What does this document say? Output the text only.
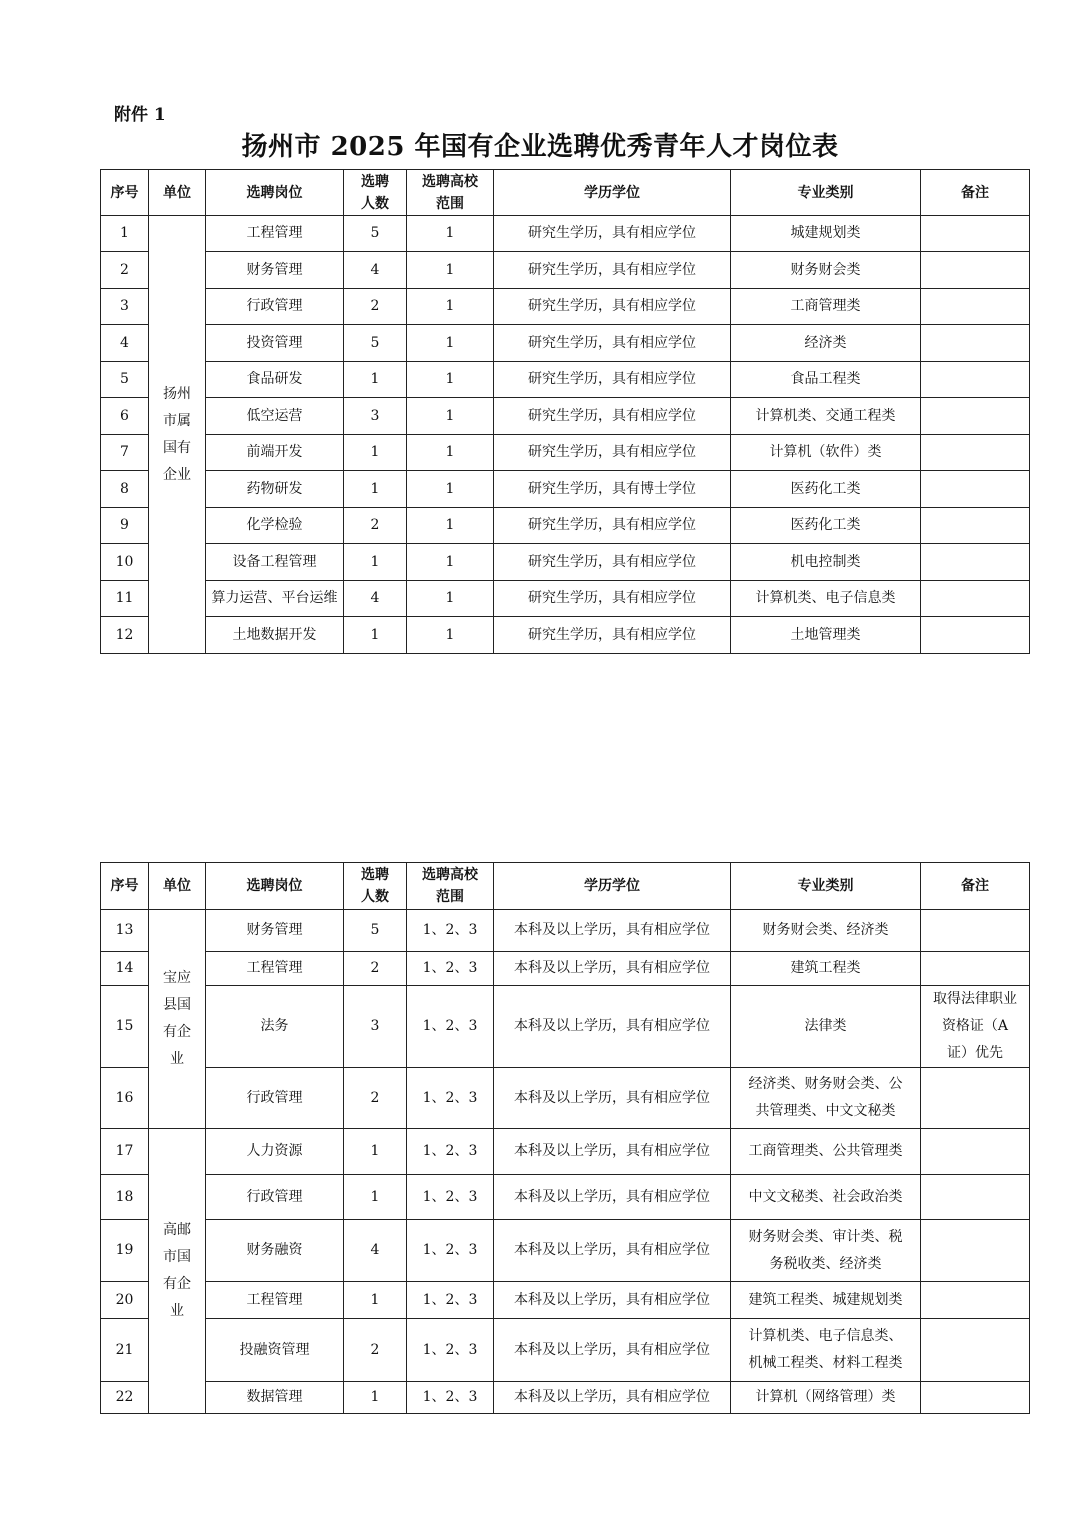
附件 1
扬州市 2025 年国有企业选聘优秀青年人才岗位表
序号	单位	选聘岗位	选聘
人数	选聘高校
范围	学历学位	专业类别	备注
1	扬州
市属
国有
企业	工程管理	5	1	研究生学历，具有相应学位	城建规划类	
2		财务管理	4	1	研究生学历，具有相应学位	财务财会类	
3		行政管理	2	1	研究生学历，具有相应学位	工商管理类	
4		投资管理	5	1	研究生学历，具有相应学位	经济类	
5		食品研发	1	1	研究生学历，具有相应学位	食品工程类	
6		低空运营	3	1	研究生学历，具有相应学位	计算机类、交通工程类	
7		前端开发	1	1	研究生学历，具有相应学位	计算机（软件）类	
8		药物研发	1	1	研究生学历，具有博士学位	医药化工类	
9		化学检验	2	1	研究生学历，具有相应学位	医药化工类	
10		设备工程管理	1	1	研究生学历，具有相应学位	机电控制类	
11		算力运营、平台运维	4	1	研究生学历，具有相应学位	计算机类、电子信息类	
12		土地数据开发	1	1	研究生学历，具有相应学位	土地管理类	
序号	单位	选聘岗位	选聘
人数	选聘高校
范围	学历学位	专业类别	备注
13	宝应
县国
有企
业	财务管理	5	1、2、3	本科及以上学历，具有相应学位	财务财会类、经济类	
14		工程管理	2	1、2、3	本科及以上学历，具有相应学位	建筑工程类	
15		法务	3	1、2、3	本科及以上学历，具有相应学位	法律类	取得法律职业
资格证（A
证）优先
16		行政管理	2	1、2、3	本科及以上学历，具有相应学位	经济类、财务财会类、公
共管理类、中文文秘类	
17	高邮
市国
有企
业	人力资源	1	1、2、3	本科及以上学历，具有相应学位	工商管理类、公共管理类	
18		行政管理	1	1、2、3	本科及以上学历，具有相应学位	中文文秘类、社会政治类	
19		财务融资	4	1、2、3	本科及以上学历，具有相应学位	财务财会类、审计类、税
务税收类、经济类	
20		工程管理	1	1、2、3	本科及以上学历，具有相应学位	建筑工程类、城建规划类	
21		投融资管理	2	1、2、3	本科及以上学历，具有相应学位	计算机类、电子信息类、
机械工程类、材料工程类	
22		数据管理	1	1、2、3	本科及以上学历，具有相应学位	计算机（网络管理）类	
